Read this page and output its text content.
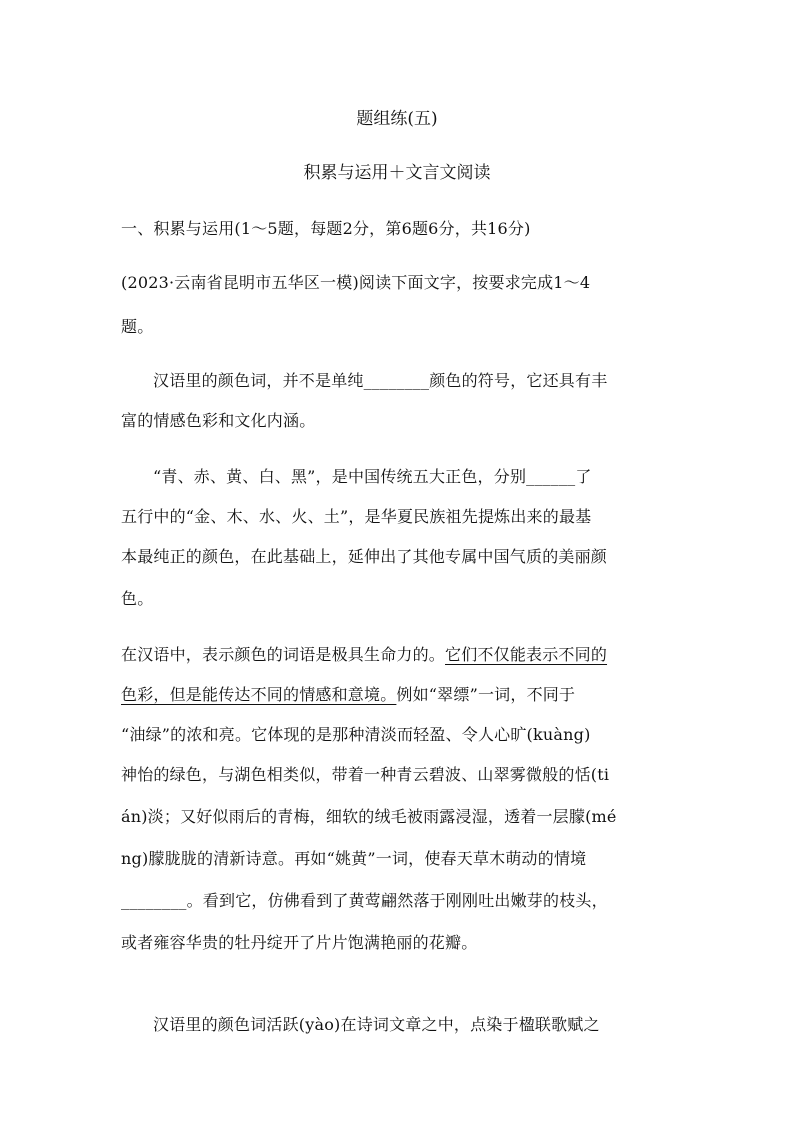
题组练(五)
积累与运用＋文言文阅读
一、积累与运用(1～5题，每题2分，第6题6分，共16分)
(2023·云南省昆明市五华区一模)阅读下面文字，按要求完成1～4
题。
汉语里的颜色词，并不是单纯________颜色的符号，它还具有丰
富的情感色彩和文化内涵。
“青、赤、黄、白、黑”，是中国传统五大正色，分别______了
五行中的“金、木、水、火、土”，是华夏民族祖先提炼出来的最基
本最纯正的颜色，在此基础上，延伸出了其他专属中国气质的美丽颜
色。
在汉语中，表示颜色的词语是极具生命力的。它们不仅能表示不同的
色彩，但是能传达不同的情感和意境。例如“翠缥”一词，不同于
“油绿”的浓和亮。它体现的是那种清淡而轻盈、令人心旷(kuàng)
神怡的绿色，与湖色相类似，带着一种青云碧波、山翠雾微般的恬(ti
án)淡；又好似雨后的青梅，细软的绒毛被雨露浸湿，透着一层朦(mé
ng)朦胧胧的清新诗意。再如“姚黄”一词，使春天草木萌动的情境
________。看到它，仿佛看到了黄莺翩然落于刚刚吐出嫩芽的枝头，
或者雍容华贵的牡丹绽开了片片饱满艳丽的花瓣。
汉语里的颜色词活跃(yào)在诗词文章之中，点染于楹联歌赋之
